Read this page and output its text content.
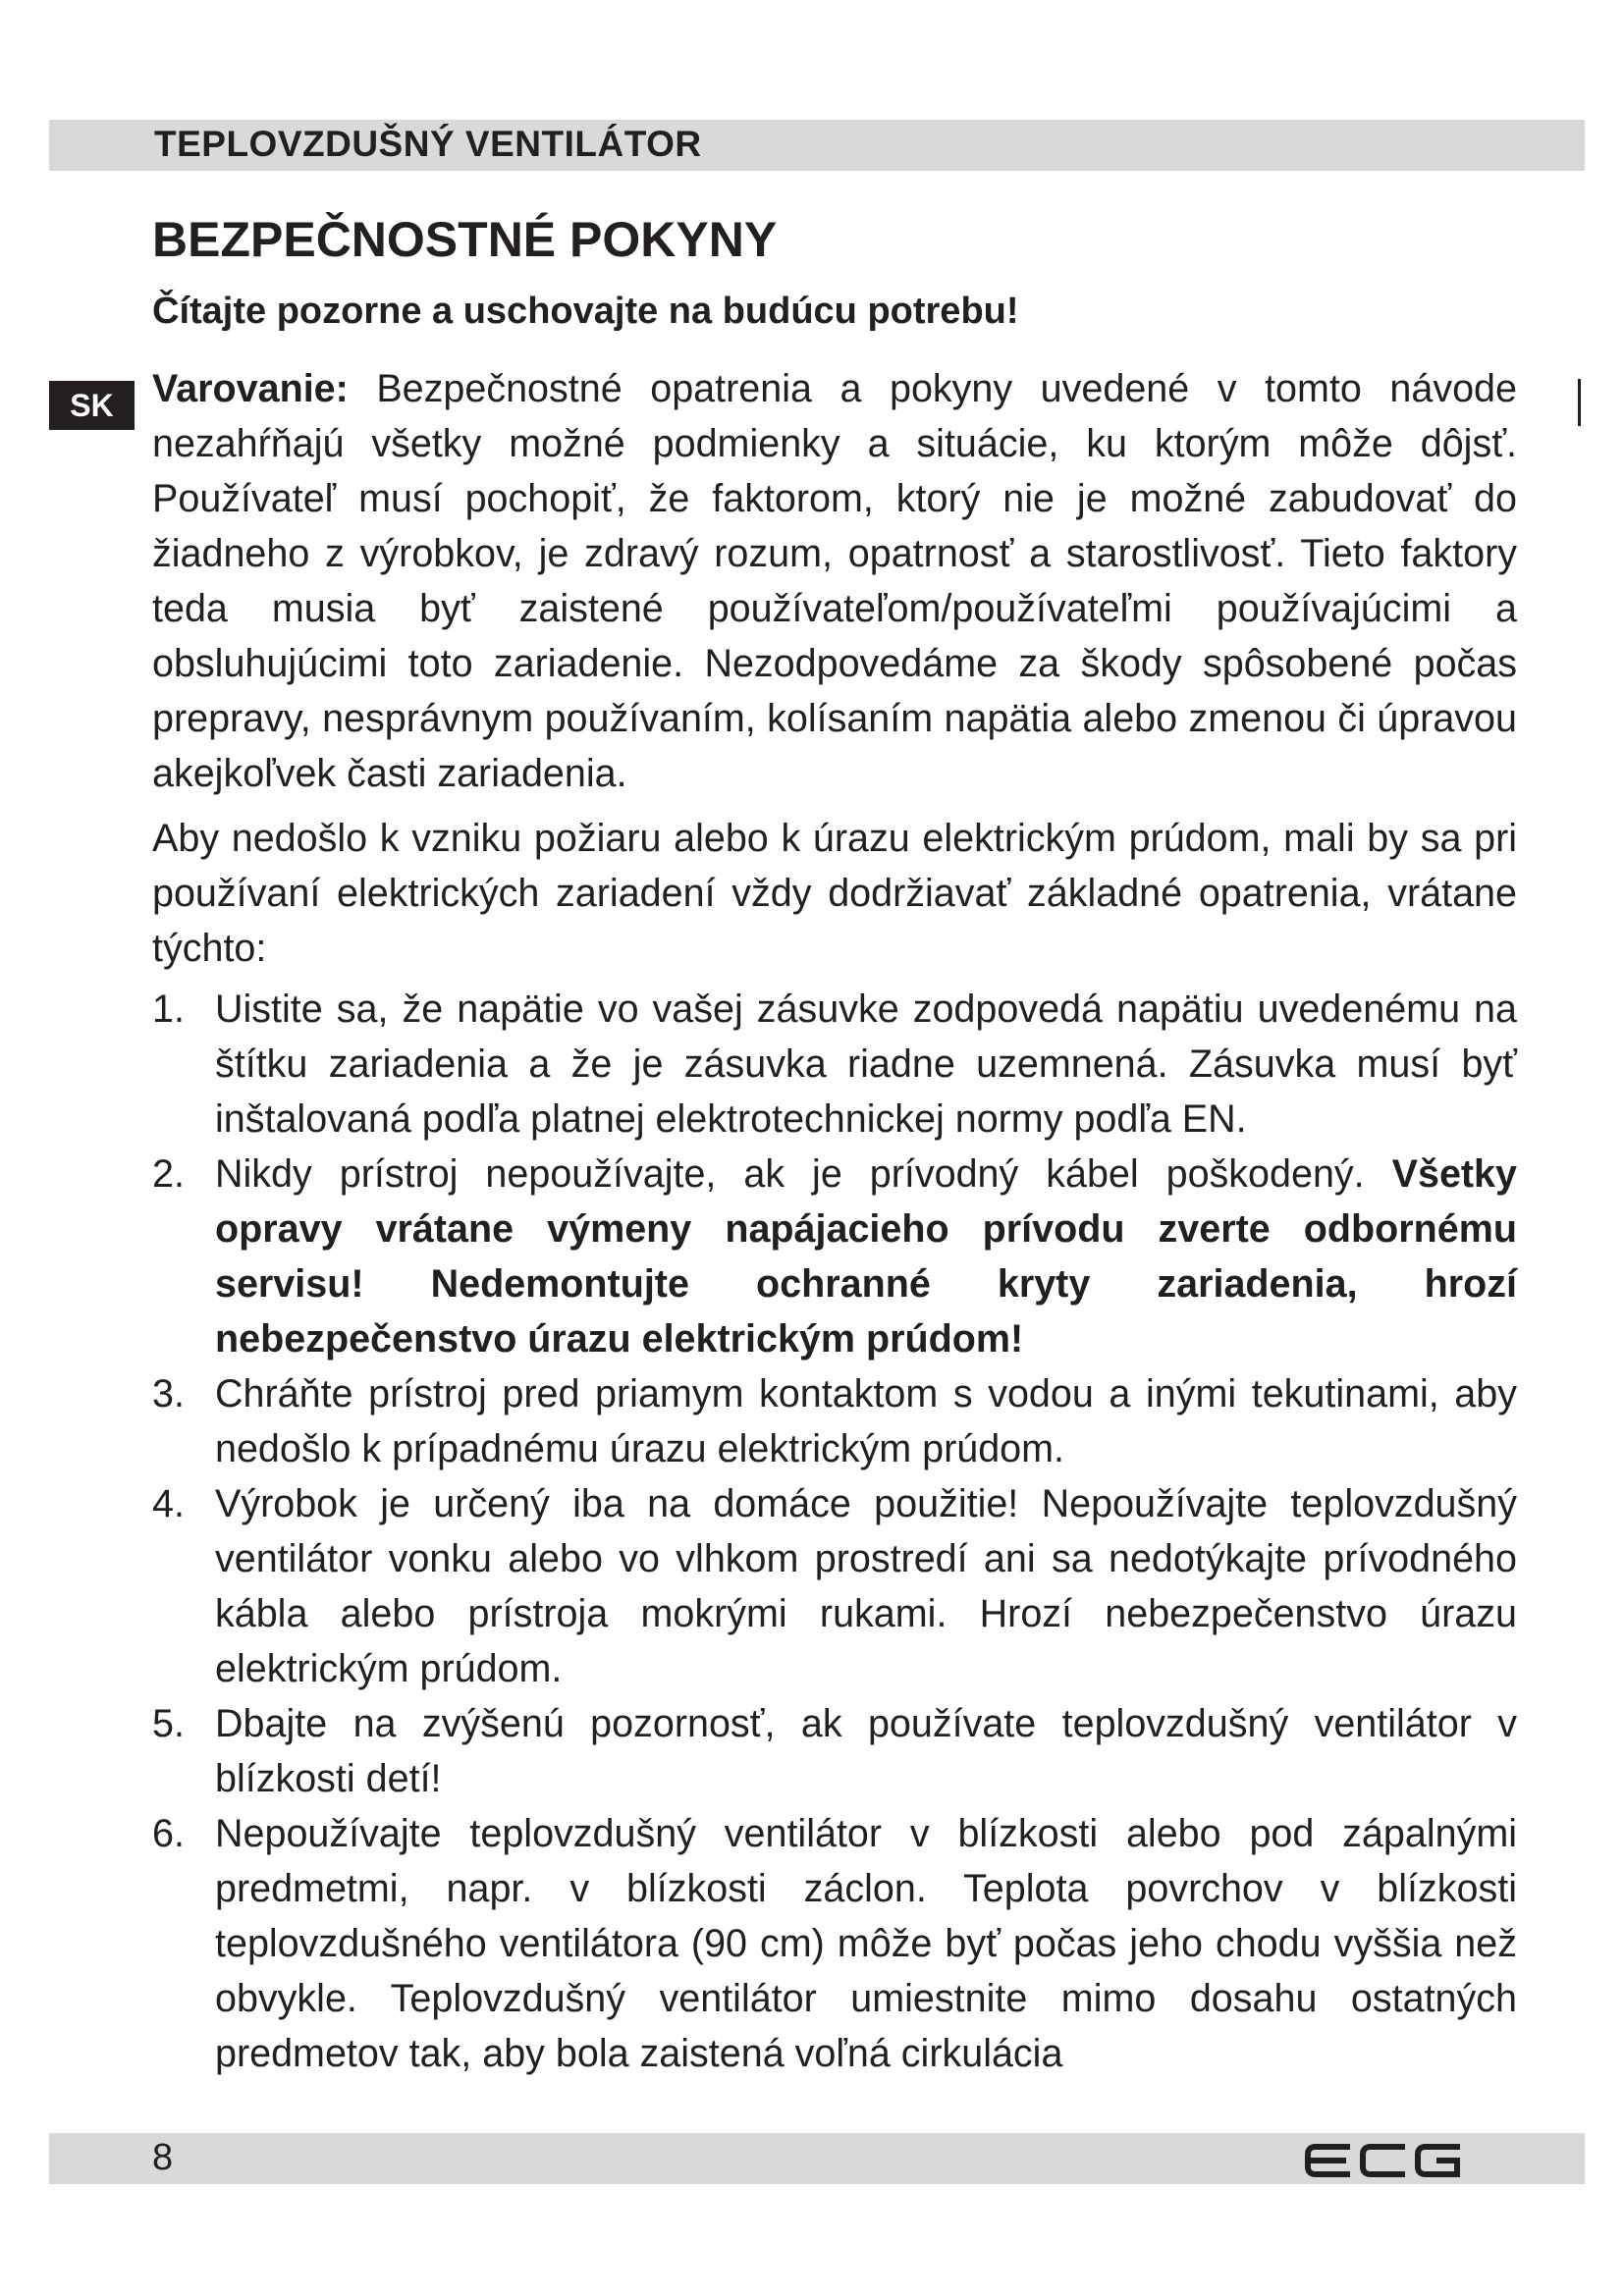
TEPLOVZDUŠNÝ VENTILÁTOR
BEZPEČNOSTNÉ POKYNY
Čítajte pozorne a uschovajte na budúcu potrebu!
SK Varovanie: Bezpečnostné opatrenia a pokyny uvedené v tomto návode nezahŕňajú všetky možné podmienky a situácie, ku ktorým môže dôjsť. Používateľ musí pochopiť, že faktorom, ktorý nie je možné zabudovať do žiadneho z výrobkov, je zdravý rozum, opatrnosť a starostlivosť. Tieto faktory teda musia byť zaistené používateľom/používateľmi používajúcimi a obsluhujúcimi toto zariadenie. Nezodpovedáme za škody spôsobené počas prepravy, nesprávnym používaním, kolísaním napätia alebo zmenou či úpravou akejkoľvek časti zariadenia.

Aby nedošlo k vzniku požiaru alebo k úrazu elektrickým prúdom, mali by sa pri používaní elektrických zariadení vždy dodržiavať základné opatrenia, vrátane týchto:

1. Uistite sa, že napätie vo vašej zásuvke zodpovedá napätiu uvedenému na štítku zariadenia a že je zásuvka riadne uzemnená. Zásuvka musí byť inštalovaná podľa platnej elektrotechnickej normy podľa EN.
2. Nikdy prístroj nepoužívajte, ak je prívodný kábel poškodený. Všetky opravy vrátane výmeny napájacieho prívodu zverte odbornému servisu! Nedemontujte ochranné kryty zariadenia, hrozí nebezpečenstvo úrazu elektrickým prúdom!
3. Chráňte prístroj pred priamym kontaktom s vodou a inými tekutinami, aby nedošlo k prípadnému úrazu elektrickým prúdom.
4. Výrobok je určený iba na domáce použitie! Nepoužívajte teplovzdušný ventilátor vonku alebo vo vlhkom prostredí ani sa nedotýkajte prívodného kábla alebo prístroja mokrými rukami. Hrozí nebezpečenstvo úrazu elektrickým prúdom.
5. Dbajte na zvýšenú pozornosť, ak používate teplovzdušný ventilátor v blízkosti detí!
6. Nepoužívajte teplovzdušný ventilátor v blízkosti alebo pod zápalnými predmetmi, napr. v blízkosti záclon. Teplota povrchov v blízkosti teplovzdušného ventilátora (90 cm) môže byť počas jeho chodu vyššia než obvykle. Teplovzdušný ventilátor umiestnite mimo dosahu ostatných predmetov tak, aby bola zaistená voľná cirkulácia
8
